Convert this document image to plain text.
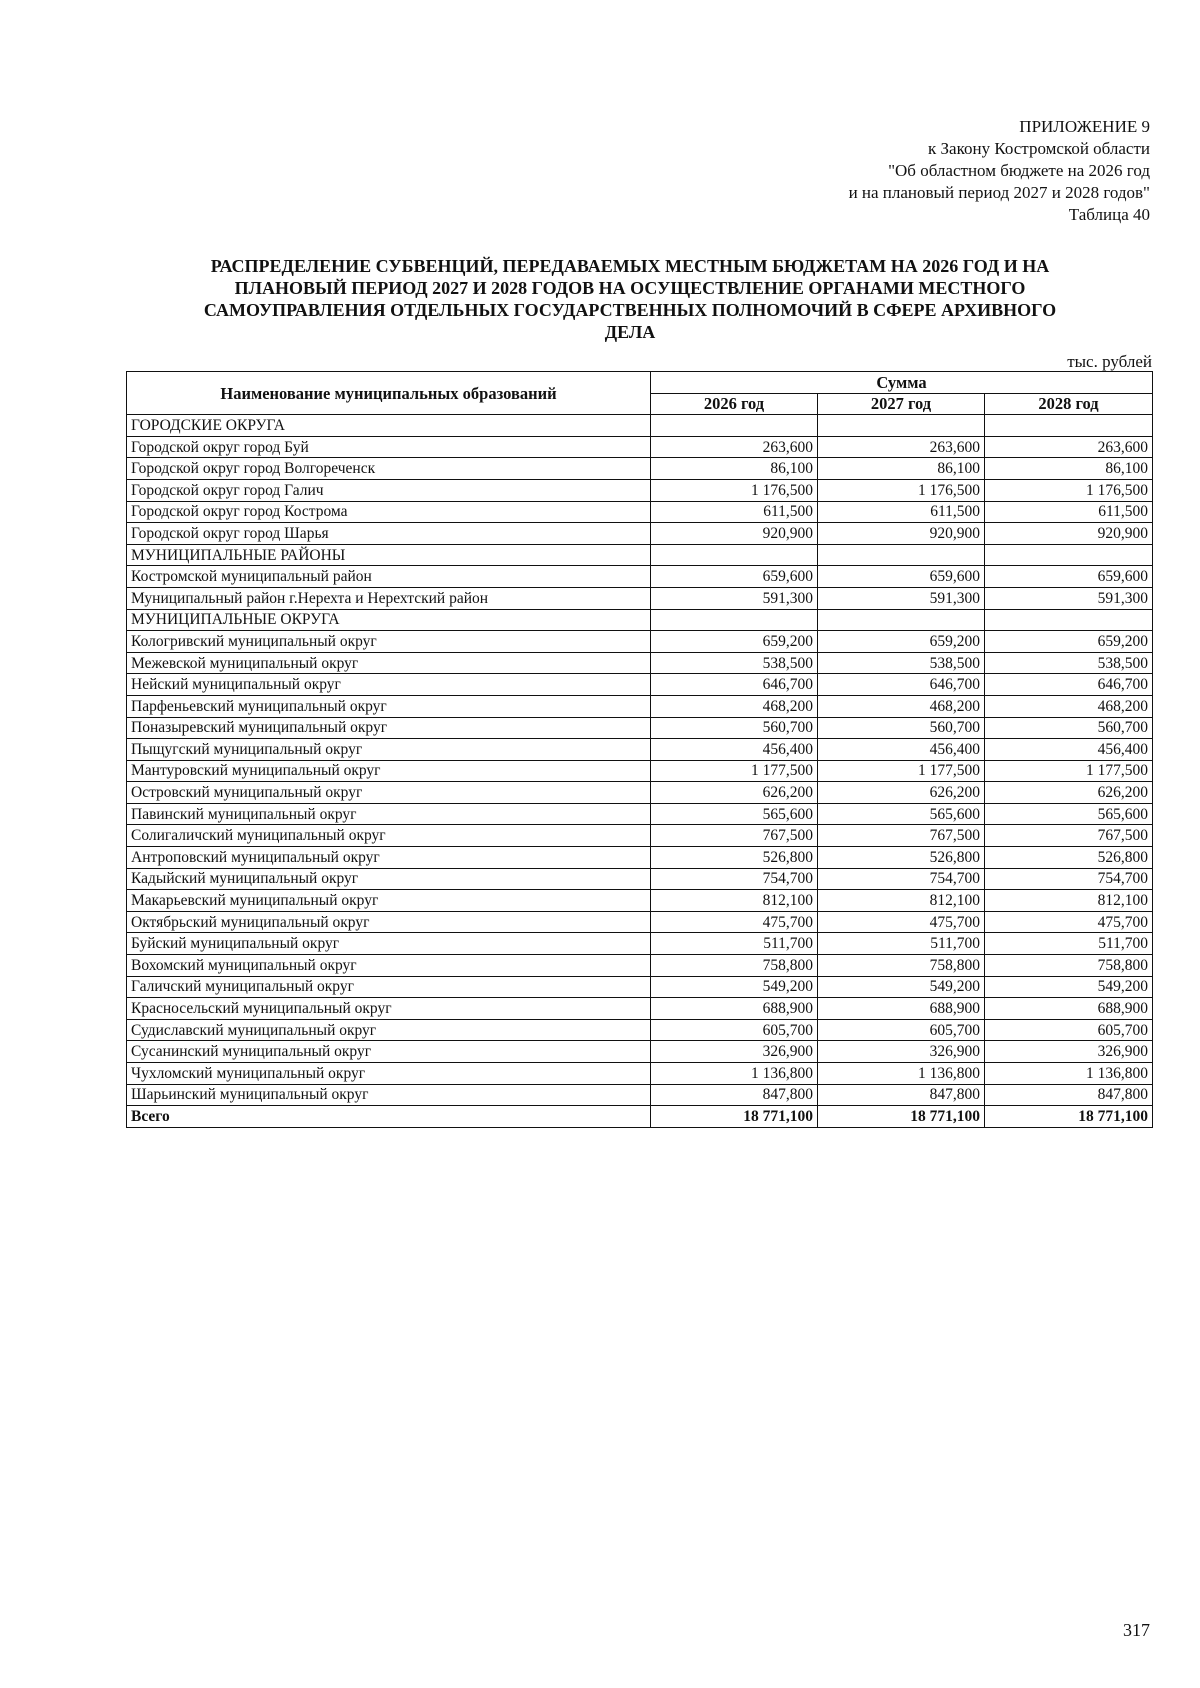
ПРИЛОЖЕНИЕ 9
к Закону Костромской области
"Об областном бюджете на 2026 год
и на плановый период 2027 и 2028 годов"
Таблица 40
РАСПРЕДЕЛЕНИЕ СУБВЕНЦИЙ, ПЕРЕДАВАЕМЫХ МЕСТНЫМ БЮДЖЕТАМ НА 2026 ГОД И НА
ПЛАНОВЫЙ ПЕРИОД 2027 И 2028 ГОДОВ НА ОСУЩЕСТВЛЕНИЕ ОРГАНАМИ МЕСТНОГО
САМОУПРАВЛЕНИЯ ОТДЕЛЬНЫХ ГОСУДАРСТВЕННЫХ ПОЛНОМОЧИЙ В СФЕРЕ АРХИВНОГО
ДЕЛА
тыс. рублей
Наименование муниципальных образований	Сумма		
	2026 год	2027 год	2028 год
ГОРОДСКИЕ ОКРУГА			
Городской округ город Буй	263,600	263,600	263,600
Городской округ город Волгореченск	86,100	86,100	86,100
Городской округ город Галич	1 176,500	1 176,500	1 176,500
Городской округ город Кострома	611,500	611,500	611,500
Городской округ город Шарья	920,900	920,900	920,900
МУНИЦИПАЛЬНЫЕ РАЙОНЫ			
Костромской муниципальный район	659,600	659,600	659,600
Муниципальный район г.Нерехта и Нерехтский район	591,300	591,300	591,300
МУНИЦИПАЛЬНЫЕ ОКРУГА			
Кологривский муниципальный округ	659,200	659,200	659,200
Межевской муниципальный округ	538,500	538,500	538,500
Нейский муниципальный округ	646,700	646,700	646,700
Парфеньевский муниципальный округ	468,200	468,200	468,200
Поназыревский муниципальный округ	560,700	560,700	560,700
Пыщугский муниципальный округ	456,400	456,400	456,400
Мантуровский муниципальный округ	1 177,500	1 177,500	1 177,500
Островский муниципальный округ	626,200	626,200	626,200
Павинский муниципальный округ	565,600	565,600	565,600
Солигаличский муниципальный округ	767,500	767,500	767,500
Антроповский муниципальный округ	526,800	526,800	526,800
Кадыйский муниципальный округ	754,700	754,700	754,700
Макарьевский муниципальный округ	812,100	812,100	812,100
Октябрьский муниципальный округ	475,700	475,700	475,700
Буйский муниципальный округ	511,700	511,700	511,700
Вохомский муниципальный округ	758,800	758,800	758,800
Галичский муниципальный округ	549,200	549,200	549,200
Красносельский муниципальный округ	688,900	688,900	688,900
Судиславский муниципальный округ	605,700	605,700	605,700
Сусанинский муниципальный округ	326,900	326,900	326,900
Чухломский муниципальный округ	1 136,800	1 136,800	1 136,800
Шарьинский муниципальный округ	847,800	847,800	847,800
Всего	18 771,100	18 771,100	18 771,100
317
